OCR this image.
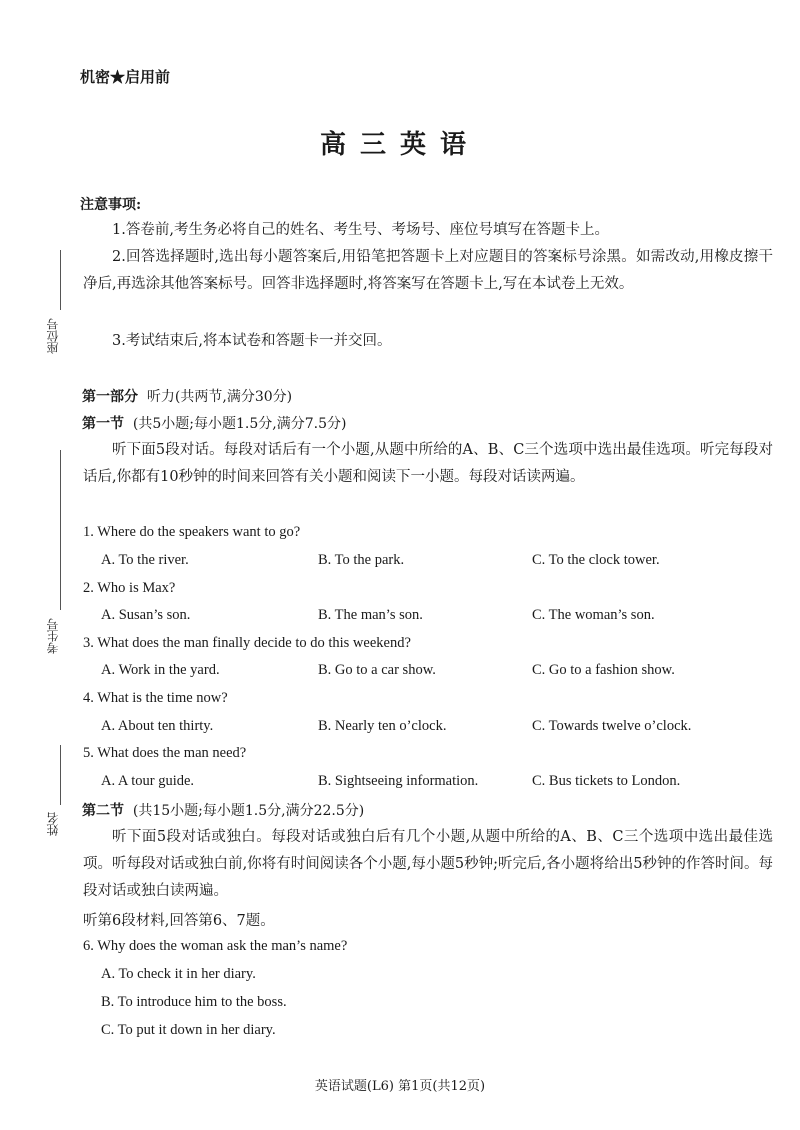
座位号
考生号
姓名
机密★启用前
高三英语
注意事项:
1.答卷前,考生务必将自己的姓名、考生号、考场号、座位号填写在答题卡上。
2.回答选择题时,选出每小题答案后,用铅笔把答题卡上对应题目的答案标号涂黑。如需改动,用橡皮擦干净后,再选涂其他答案标号。回答非选择题时,将答案写在答题卡上,写在本试卷上无效。
3.考试结束后,将本试卷和答题卡一并交回。
第一部分 听力(共两节,满分30分)
第一节 (共5小题;每小题1.5分,满分7.5分)
听下面5段对话。每段对话后有一个小题,从题中所给的A、B、C三个选项中选出最佳选项。听完每段对话后,你都有10秒钟的时间来回答有关小题和阅读下一小题。每段对话读两遍。
1. Where do the speakers want to go?
A. To the river.	B. To the park.	C. To the clock tower.
2. Who is Max?
A. Susan’s son.	B. The man’s son.	C. The woman’s son.
3. What does the man finally decide to do this weekend?
A. Work in the yard.	B. Go to a car show.	C. Go to a fashion show.
4. What is the time now?
A. About ten thirty.	B. Nearly ten o’clock.	C. Towards twelve o’clock.
5. What does the man need?
A. A tour guide.	B. Sightseeing information.	C. Bus tickets to London.
第二节 (共15小题;每小题1.5分,满分22.5分)
听下面5段对话或独白。每段对话或独白后有几个小题,从题中所给的A、B、C三个选项中选出最佳选项。听每段对话或独白前,你将有时间阅读各个小题,每小题5秒钟;听完后,各小题将给出5秒钟的作答时间。每段对话或独白读两遍。
听第6段材料,回答第6、7题。
6. Why does the woman ask the man’s name?
A. To check it in her diary.
B. To introduce him to the boss.
C. To put it down in her diary.
英语试题(L6) 第1页(共12页)
